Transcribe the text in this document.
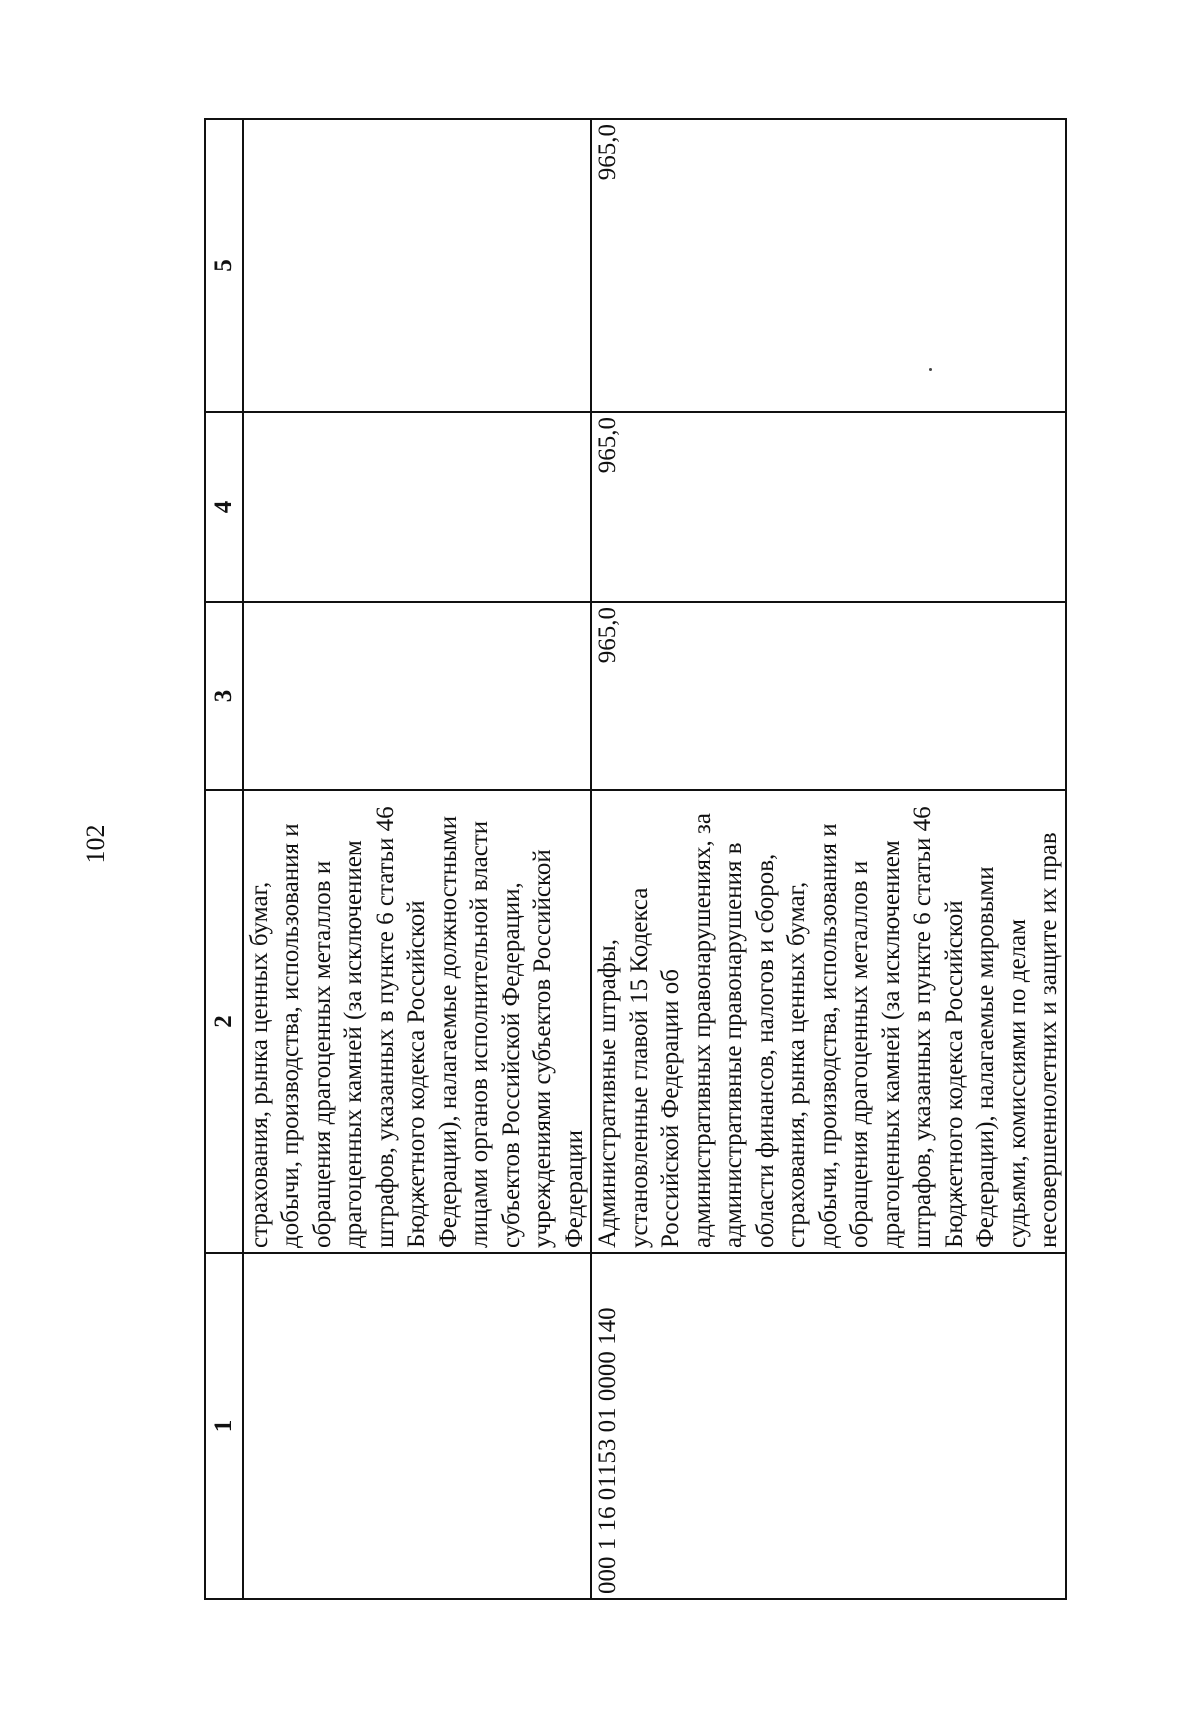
102
1	2	3	4	5
	страхования, рынка ценных бумаг, добычи, производства, использования и обращения драгоценных металлов и драгоценных камней (за исключением штрафов, указанных в пункте 6 статьи 46 Бюджетного кодекса Российской Федерации), налагаемые должностными лицами органов исполнительной власти субъектов Российской Федерации, учреждениями субъектов Российской Федерации			
000 1 16 01153 01 0000 140	Административные штрафы, установленные главой 15 Кодекса Российской Федерации об административных правонарушениях, за административные правонарушения в области финансов, налогов и сборов, страхования, рынка ценных бумаг, добычи, производства, использования и обращения драгоценных металлов и драгоценных камней (за исключением штрафов, указанных в пункте 6 статьи 46 Бюджетного кодекса Российской Федерации), налагаемые мировыми судьями, комиссиями по делам несовершеннолетних и защите их прав	965,0	965,0	965,0
